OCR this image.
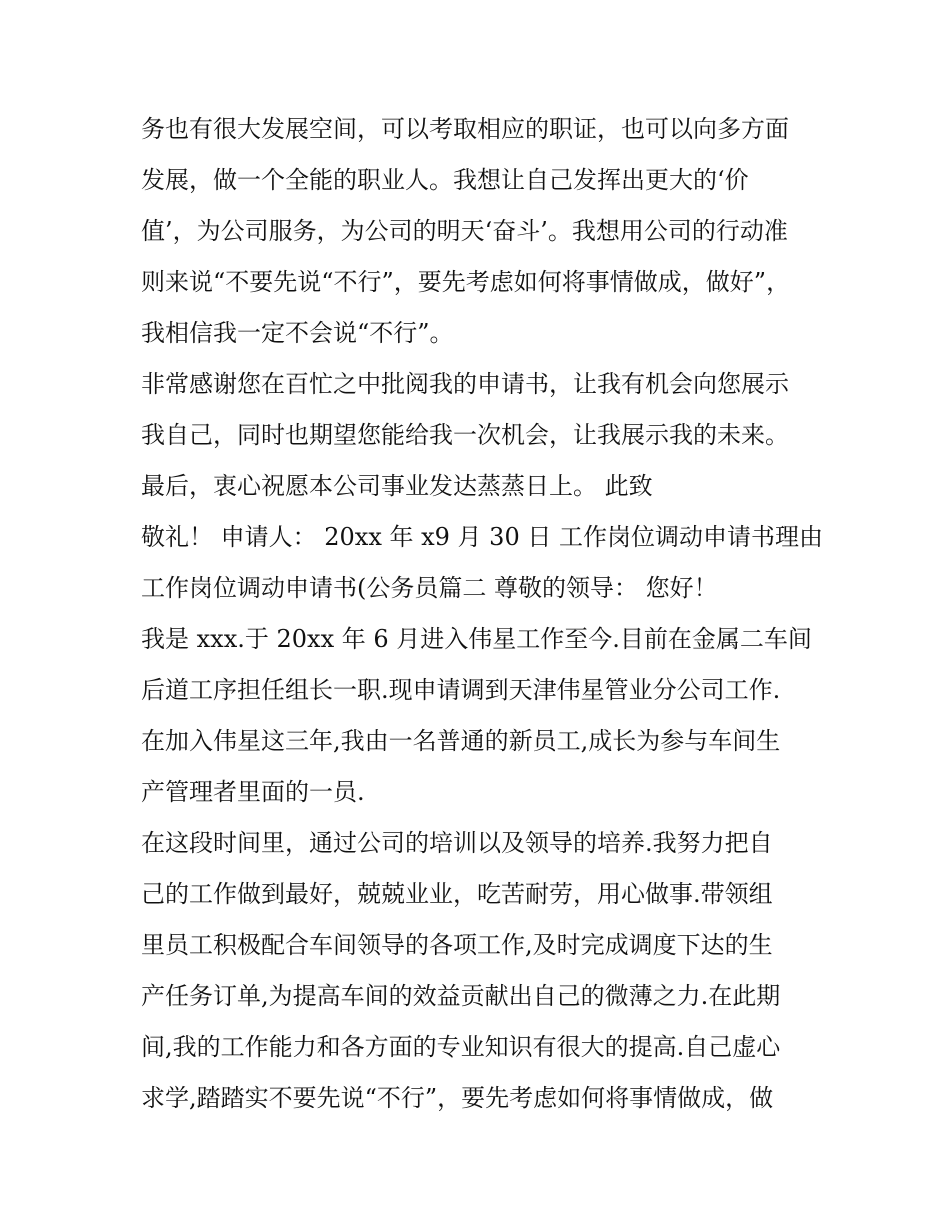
务也有很大发展空间，可以考取相应的职证，也可以向多方面
发展，做一个全能的职业人。我想让自己发挥出更大的‘价
值’，为公司服务，为公司的明天‘奋斗’。我想用公司的行动准
则来说“不要先说“不行”，要先考虑如何将事情做成，做好”，
我相信我一定不会说“不行”。
非常感谢您在百忙之中批阅我的申请书，让我有机会向您展示
我自己，同时也期望您能给我一次机会，让我展示我的未来。
最后，衷心祝愿本公司事业发达蒸蒸日上。 此致
敬礼！ 申请人： 20xx 年 x9 月 30 日 工作岗位调动申请书理由
工作岗位调动申请书(公务员篇二 尊敬的领导： 您好！
我是 xxx.于 20xx 年 6 月进入伟星工作至今.目前在金属二车间
后道工序担任组长一职.现申请调到天津伟星管业分公司工作.
在加入伟星这三年,我由一名普通的新员工,成长为参与车间生
产管理者里面的一员.
在这段时间里，通过公司的培训以及领导的培养.我努力把自
己的工作做到最好，兢兢业业，吃苦耐劳，用心做事.带领组
里员工积极配合车间领导的各项工作,及时完成调度下达的生
产任务订单,为提高车间的效益贡献出自己的微薄之力.在此期
间,我的工作能力和各方面的专业知识有很大的提高.自己虚心
求学,踏踏实不要先说“不行”，要先考虑如何将事情做成，做
